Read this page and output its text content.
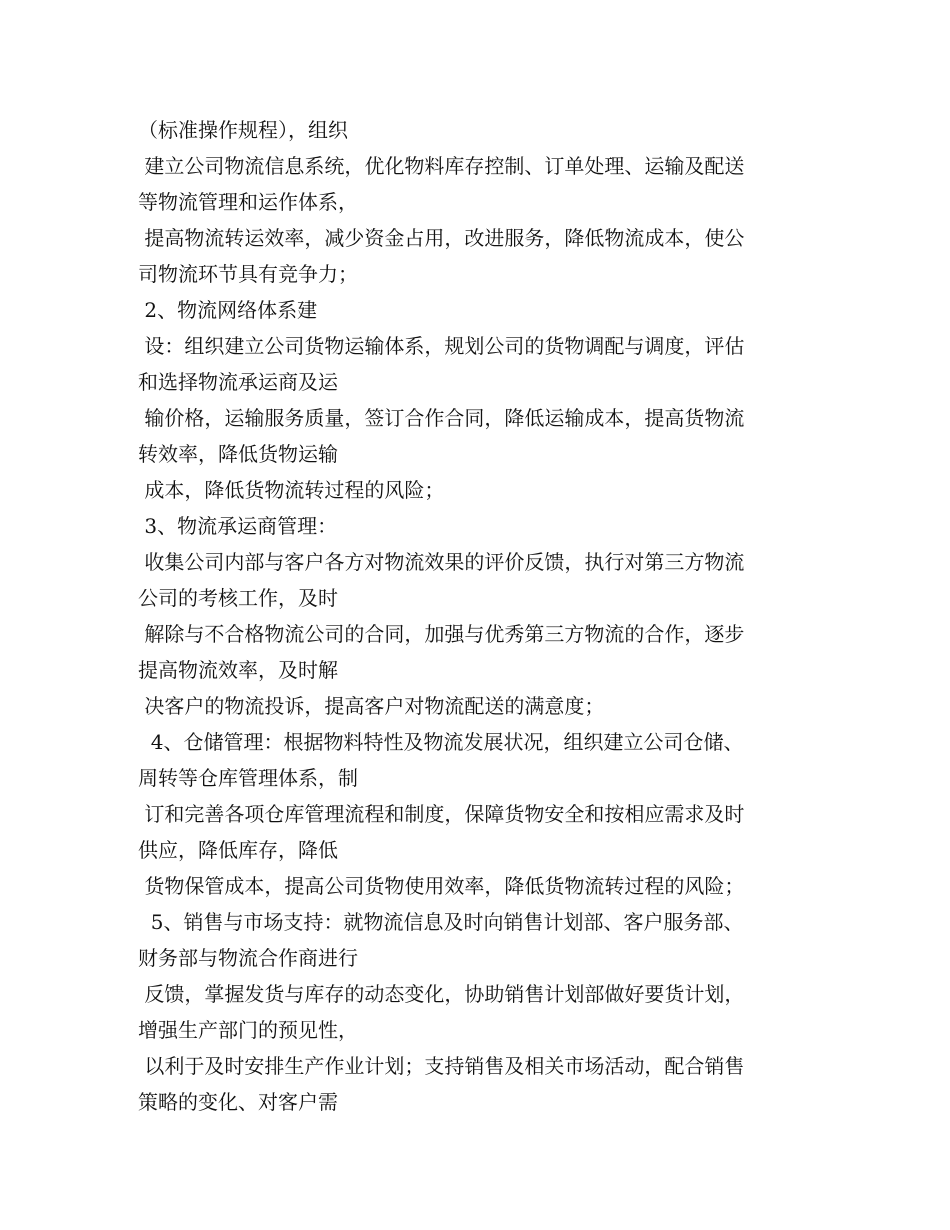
（标准操作规程），组织
建立公司物流信息系统，优化物料库存控制、订单处理、运输及配送
等物流管理和运作体系，
提高物流转运效率，减少资金占用，改进服务，降低物流成本，使公
司物流环节具有竞争力；
2、物流网络体系建
设：组织建立公司货物运输体系，规划公司的货物调配与调度，评估
和选择物流承运商及运
输价格，运输服务质量，签订合作合同，降低运输成本，提高货物流
转效率，降低货物运输
成本，降低货物流转过程的风险；
3、物流承运商管理：
收集公司内部与客户各方对物流效果的评价反馈，执行对第三方物流
公司的考核工作，及时
解除与不合格物流公司的合同，加强与优秀第三方物流的合作，逐步
提高物流效率，及时解
决客户的物流投诉，提高客户对物流配送的满意度；
4、仓储管理：根据物料特性及物流发展状况，组织建立公司仓储、
周转等仓库管理体系，制
订和完善各项仓库管理流程和制度，保障货物安全和按相应需求及时
供应，降低库存，降低
货物保管成本，提高公司货物使用效率，降低货物流转过程的风险；
5、销售与市场支持：就物流信息及时向销售计划部、客户服务部、
财务部与物流合作商进行
反馈，掌握发货与库存的动态变化，协助销售计划部做好要货计划，
增强生产部门的预见性，
以利于及时安排生产作业计划；支持销售及相关市场活动，配合销售
策略的变化、对客户需
